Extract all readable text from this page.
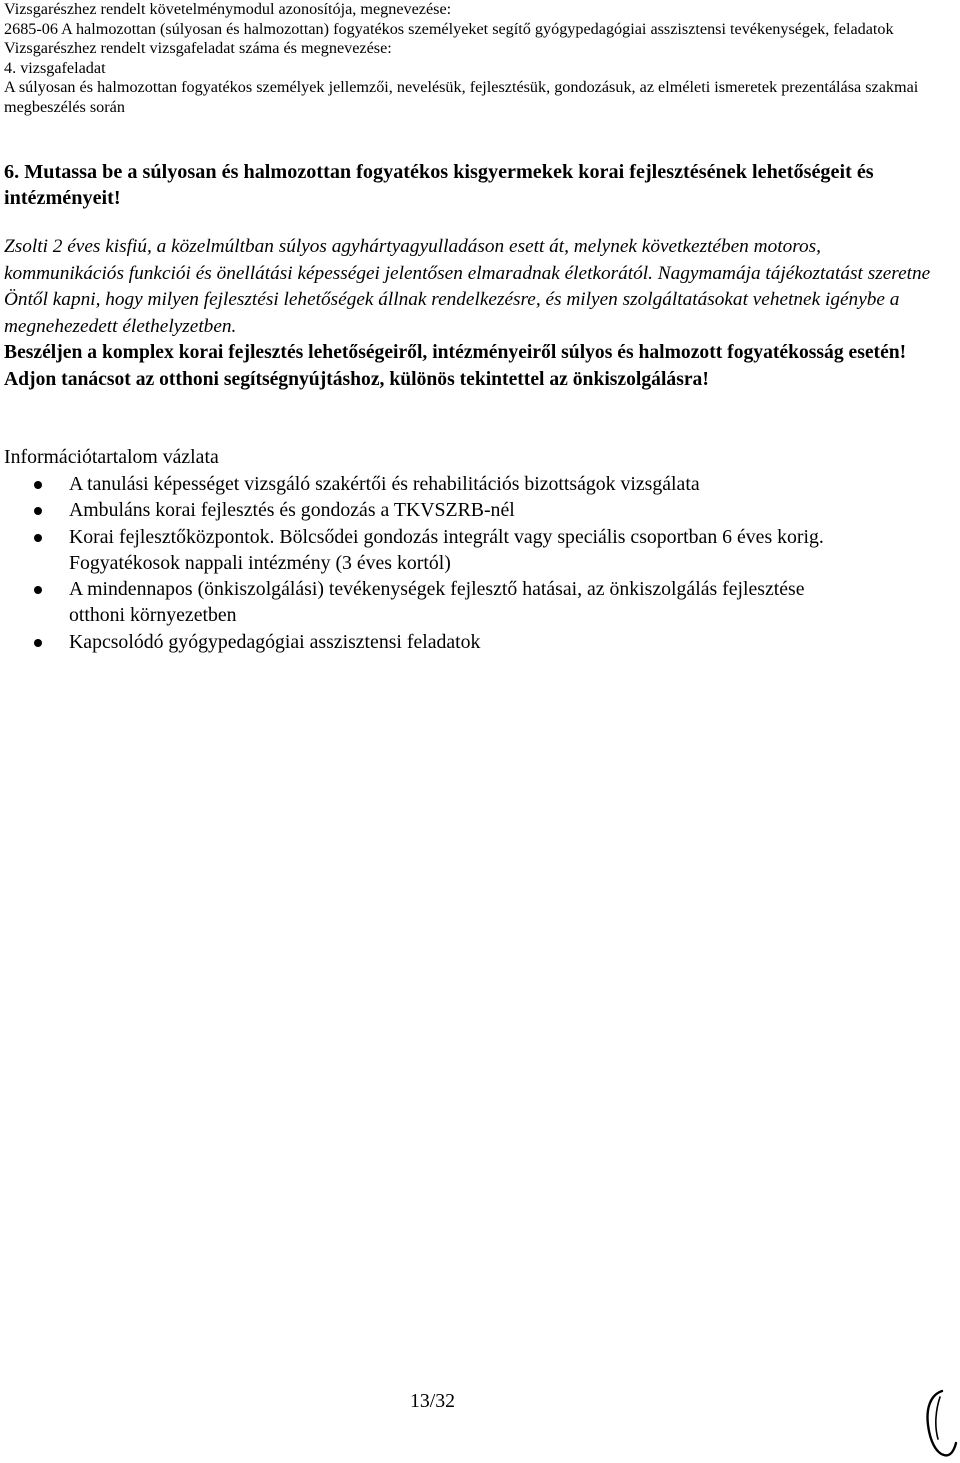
Vizsgarészhez rendelt követelménymodul azonosítója, megnevezése:
2685-06 A halmozottan (súlyosan és halmozottan) fogyatékos személyeket segítő gyógypedagógiai asszisztensi tevékenységek, feladatok
Vizsgarészhez rendelt vizsgafeladat száma és megnevezése:
4. vizsgafeladat
A súlyosan és halmozottan fogyatékos személyek jellemzői, nevelésük, fejlesztésük, gondozásuk, az elméleti ismeretek prezentálása szakmai megbeszélés során
6. Mutassa be a súlyosan és halmozottan fogyatékos kisgyermekek korai fejlesztésének lehetőségeit és intézményeit!
Zsolti 2 éves kisfiú, a közelmúltban súlyos agyhártyagyulladáson esett át, melynek következtében motoros, kommunikációs funkciói és önellátási képességei jelentősen elmaradnak életkorától. Nagymamája tájékoztatást szeretne Öntől kapni, hogy milyen fejlesztési lehetőségek állnak rendelkezésre, és milyen szolgáltatásokat vehetnek igénybe a megnehezedett élethelyzetben.
Beszéljen a komplex korai fejlesztés lehetőségeiről, intézményeiről súlyos és halmozott fogyatékosság esetén! Adjon tanácsot az otthoni segítségnyújtáshoz, különös tekintettel az önkiszolgálásra!
Információtartalom vázlata
A tanulási képességet vizsgáló szakértői és rehabilitációs bizottságok vizsgálata
Ambuláns korai fejlesztés és gondozás a TKVSZRB-nél
Korai fejlesztőközpontok. Bölcsődei gondozás integrált vagy speciális csoportban 6 éves korig. Fogyatékosok nappali intézmény (3 éves kortól)
A mindennapos (önkiszolgálási) tevékenységek fejlesztő hatásai, az önkiszolgálás fejlesztése otthoni környezetben
Kapcsolódó gyógypedagógiai asszisztensi feladatok
13/32
